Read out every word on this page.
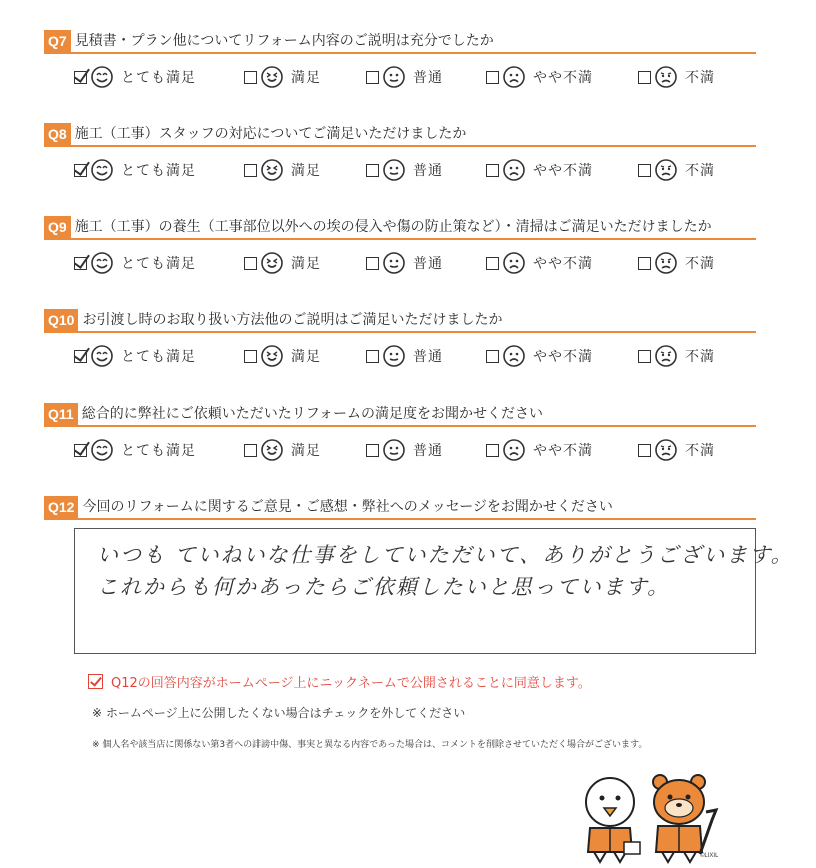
Q7 見積書・プラン他についてリフォーム内容のご説明は充分でしたか
とても満足	満足	普通	やや不満	不満
Q8 施工（工事）スタッフの対応についてご満足いただけましたか
とても満足	満足	普通	やや不満	不満
Q9 施工（工事）の養生（工事部位以外への埃の侵入や傷の防止策など）・清掃はご満足いただけましたか
とても満足	満足	普通	やや不満	不満
Q10 お引渡し時のお取り扱い方法他のご説明はご満足いただけましたか
とても満足	満足	普通	やや不満	不満
Q11 総合的に弊社にご依頼いただいたリフォームの満足度をお聞かせください
とても満足	満足	普通	やや不満	不満
Q12 今回のリフォームに関するご意見・ご感想・弊社へのメッセージをお聞かせください
いつも ていねいな仕事をしていただいて、ありがとうございます。
これからも何かあったらご依頼したいと思っています。
Q12の回答内容がホームページ上にニックネームで公開されることに同意します。
※ ホームページ上に公開したくない場合はチェックを外してください
※ 個人名や該当店に関係ない第3者への誹謗中傷、事実と異なる内容であった場合は、コメントを削除させていただく場合がございます。
©LIXIL
